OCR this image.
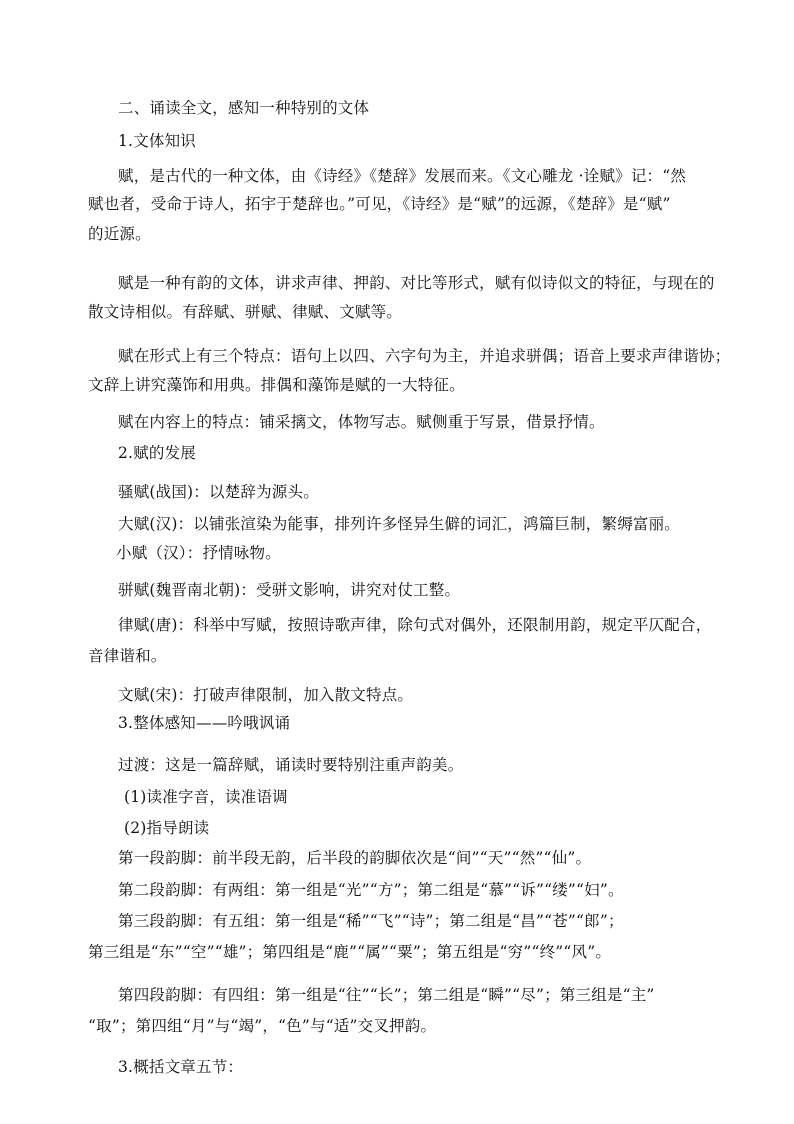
二、诵读全文，感知一种特别的文体
1.文体知识
赋，是古代的一种文体，由《诗经》《楚辞》发展而来。《文心雕龙 ·诠赋》记：“然
赋也者，受命于诗人，拓宇于楚辞也。”可见，《诗经》是“赋”的远源，《楚辞》是“赋”
的近源。
赋是一种有韵的文体，讲求声律、押韵、对比等形式，赋有似诗似文的特征，与现在的
散文诗相似。有辞赋、骈赋、律赋、文赋等。
赋在形式上有三个特点：语句上以四、六字句为主，并追求骈偶；语音上要求声律谐协；
文辞上讲究藻饰和用典。排偶和藻饰是赋的一大特征。
赋在内容上的特点：铺采摛文，体物写志。赋侧重于写景，借景抒情。
2.赋的发展
骚赋(战国)：以楚辞为源头。
大赋(汉)：以铺张渲染为能事，排列许多怪异生僻的词汇，鸿篇巨制，繁缛富丽。
小赋（汉）：抒情咏物。
骈赋(魏晋南北朝)：受骈文影响，讲究对仗工整。
律赋(唐)：科举中写赋，按照诗歌声律，除句式对偶外，还限制用韵，规定平仄配合，
音律谐和。
文赋(宋)：打破声律限制，加入散文特点。
3.整体感知——吟哦讽诵
过渡：这是一篇辞赋，诵读时要特别注重声韵美。
(1)读准字音，读准语调
(2)指导朗读
第一段韵脚：前半段无韵，后半段的韵脚依次是“间”“天”“然”“仙”。
第二段韵脚：有两组：第一组是“光”“方”；第二组是“慕”“诉”“缕”“妇”。
第三段韵脚：有五组：第一组是“稀”“飞”“诗”；第二组是“昌”“苍”“郎”；
第三组是“东”“空”“雄”；第四组是“鹿”“属”“粟”；第五组是“穷”“终”“风”。
第四段韵脚：有四组：第一组是“往”“长”；第二组是“瞬”“尽”；第三组是“主”
“取”；第四组“月”与“竭”，“色”与“适”交叉押韵。
3.概括文章五节：
